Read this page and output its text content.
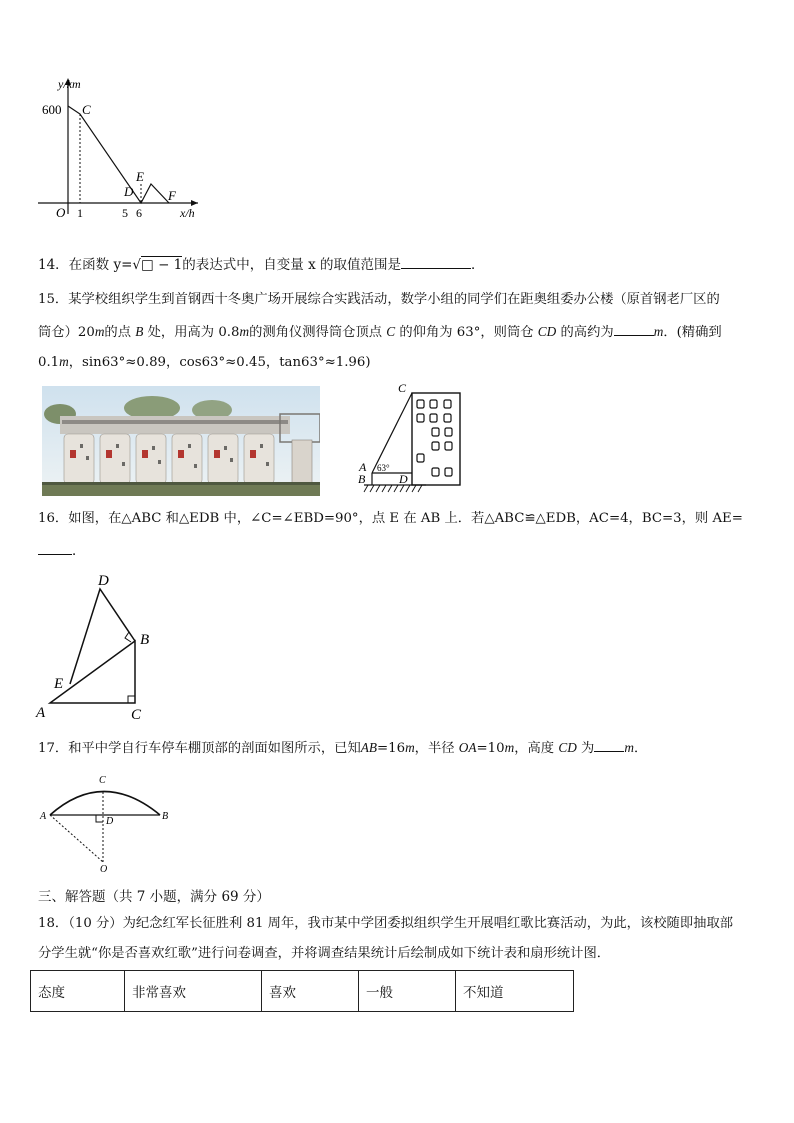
y/km
600 C
D
E
F
O 1	5 6	x/h
14．在函数 y=√□ − 1的表达式中，自变量 x 的取值范围是	．
15．某学校组织学生到首钢西十冬奥广场开展综合实践活动，数学小组的同学们在距奥组委办公楼（原首钢老厂区的
筒仓）20m的点 B 处，用高为 0.8m的测角仪测得筒仓顶点 C 的仰角为 63°，则筒仓 CD 的高约为	m．(精确到
0.1m，sin63°≈0.89，cos63°≈0.45，tan63°≈1.96)
C
A 63°
B	D
16．如图，在△ABC 和△EDB 中，∠C=∠EBD=90°，点 E 在 AB 上．若△ABC≌△EDB，AC=4，BC=3，则 AE=
．
D
B
E
A	C
17．和平中学自行车停车棚顶部的剖面如图所示，已知AB=16m，半径 OA=10m，高度 CD 为 m．
C
A	B
D
O
三、解答题（共 7 小题，满分 69 分）
18．（10 分）为纪念红军长征胜利 81 周年，我市某中学团委拟组织学生开展唱红歌比赛活动，为此，该校随即抽取部
分学生就“你是否喜欢红歌”进行问卷调查，并将调查结果统计后绘制成如下统计表和扇形统计图．
态度	非常喜欢	喜欢	一般	不知道
